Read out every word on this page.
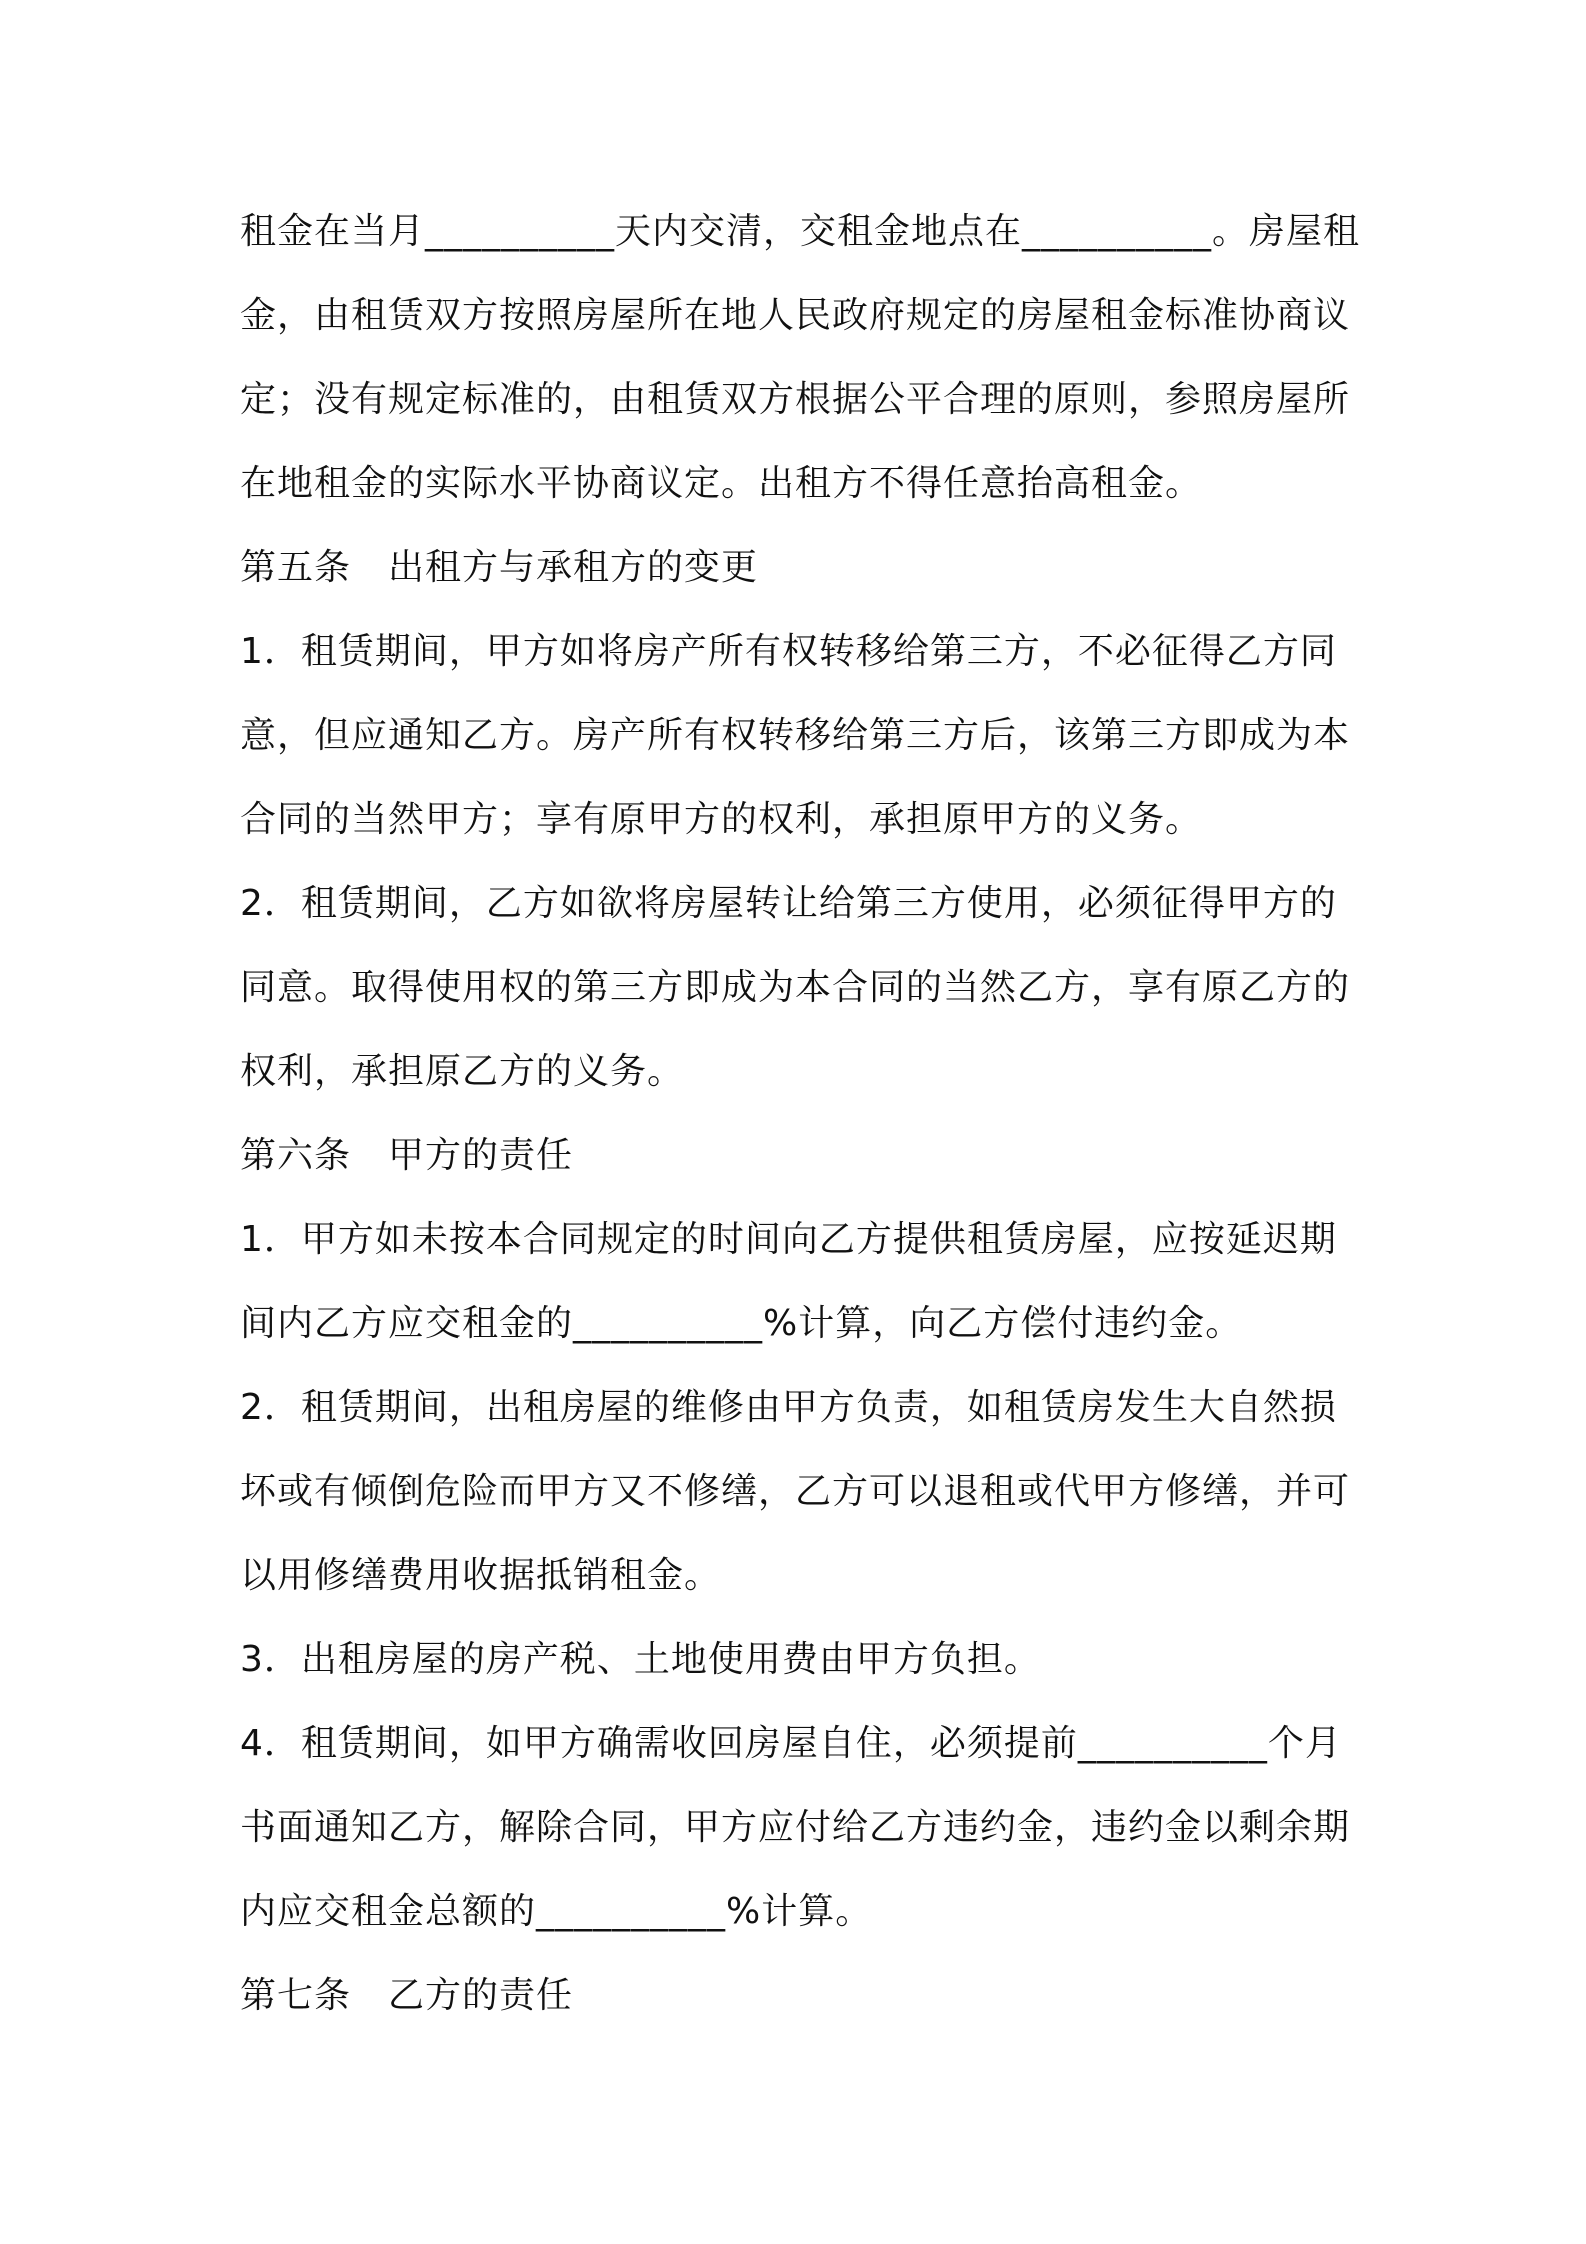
租金在当月__________天内交清，交租金地点在__________。房屋租
金，由租赁双方按照房屋所在地人民政府规定的房屋租金标准协商议
定；没有规定标准的，由租赁双方根据公平合理的原则，参照房屋所
在地租金的实际水平协商议定。出租方不得任意抬高租金。
第五条　出租方与承租方的变更
1．租赁期间，甲方如将房产所有权转移给第三方，不必征得乙方同
意，但应通知乙方。房产所有权转移给第三方后，该第三方即成为本
合同的当然甲方；享有原甲方的权利，承担原甲方的义务。
2．租赁期间，乙方如欲将房屋转让给第三方使用，必须征得甲方的
同意。取得使用权的第三方即成为本合同的当然乙方，享有原乙方的
权利，承担原乙方的义务。
第六条　甲方的责任
1．甲方如未按本合同规定的时间向乙方提供租赁房屋，应按延迟期
间内乙方应交租金的__________%计算，向乙方偿付违约金。
2．租赁期间，出租房屋的维修由甲方负责，如租赁房发生大自然损
坏或有倾倒危险而甲方又不修缮，乙方可以退租或代甲方修缮，并可
以用修缮费用收据抵销租金。
3．出租房屋的房产税、土地使用费由甲方负担。
4．租赁期间，如甲方确需收回房屋自住，必须提前__________个月
书面通知乙方，解除合同，甲方应付给乙方违约金，违约金以剩余期
内应交租金总额的__________%计算。
第七条　乙方的责任
